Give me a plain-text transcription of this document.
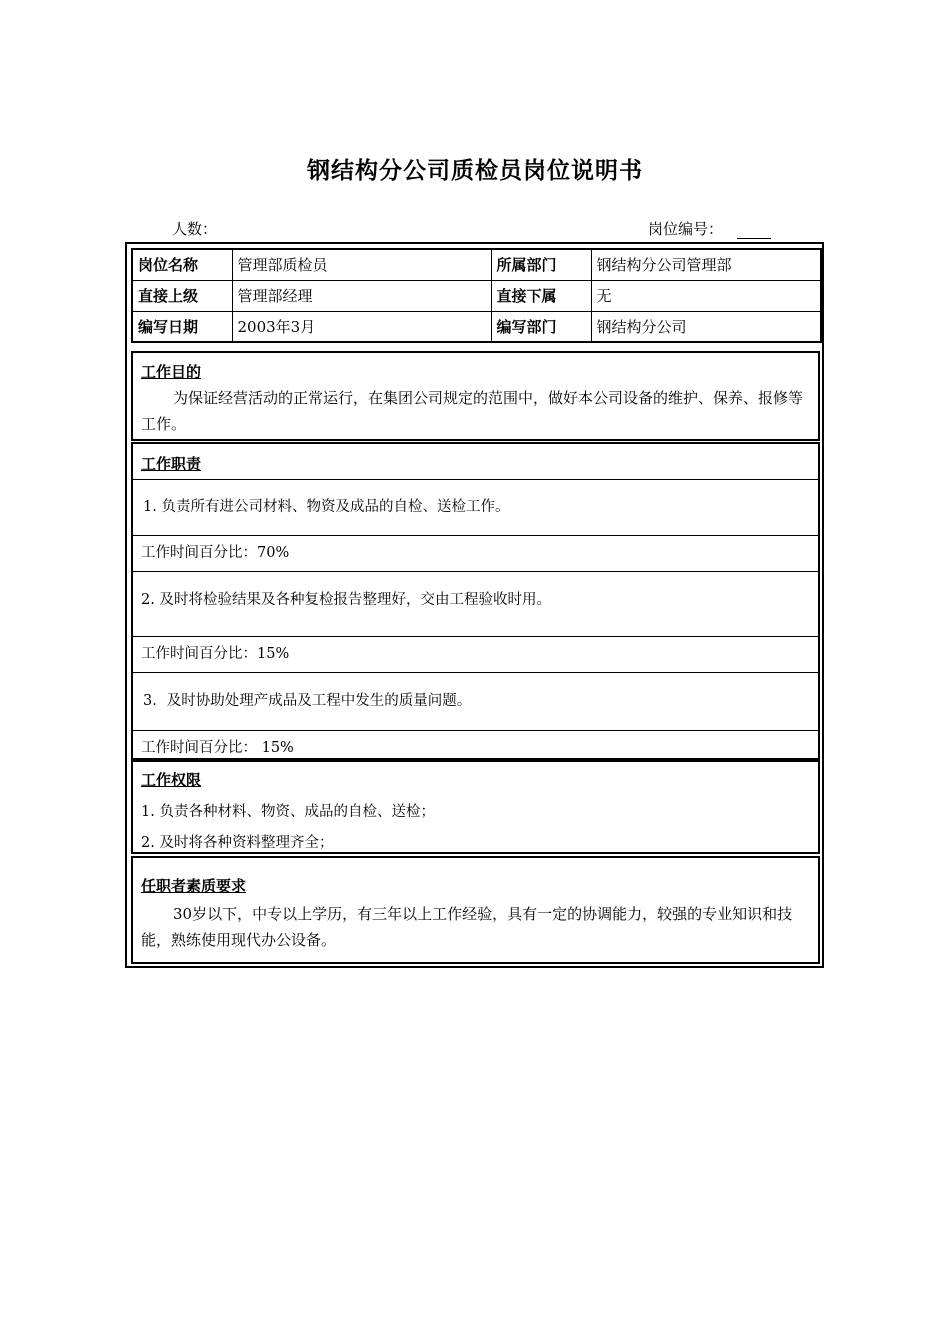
钢结构分公司质检员岗位说明书
人数：	岗位编号：
岗位名称	管理部质检员	所属部门	钢结构分公司管理部
直接上级	管理部经理	直接下属	无
编写日期	2003年3月	编写部门	钢结构分公司
工作目的
为保证经营活动的正常运行，在集团公司规定的范围中，做好本公司设备的维护、保养、报修等工作。
工作职责
1. 负责所有进公司材料、物资及成品的自检、送检工作。
工作时间百分比：70%
2. 及时将检验结果及各种复检报告整理好，交由工程验收时用。
工作时间百分比：15%
3．及时协助处理产成品及工程中发生的质量问题。
工作时间百分比： 15%
工作权限
1. 负责各种材料、物资、成品的自检、送检；
2. 及时将各种资料整理齐全；
任职者素质要求
30岁以下，中专以上学历，有三年以上工作经验，具有一定的协调能力，较强的专业知识和技能，熟练使用现代办公设备。
